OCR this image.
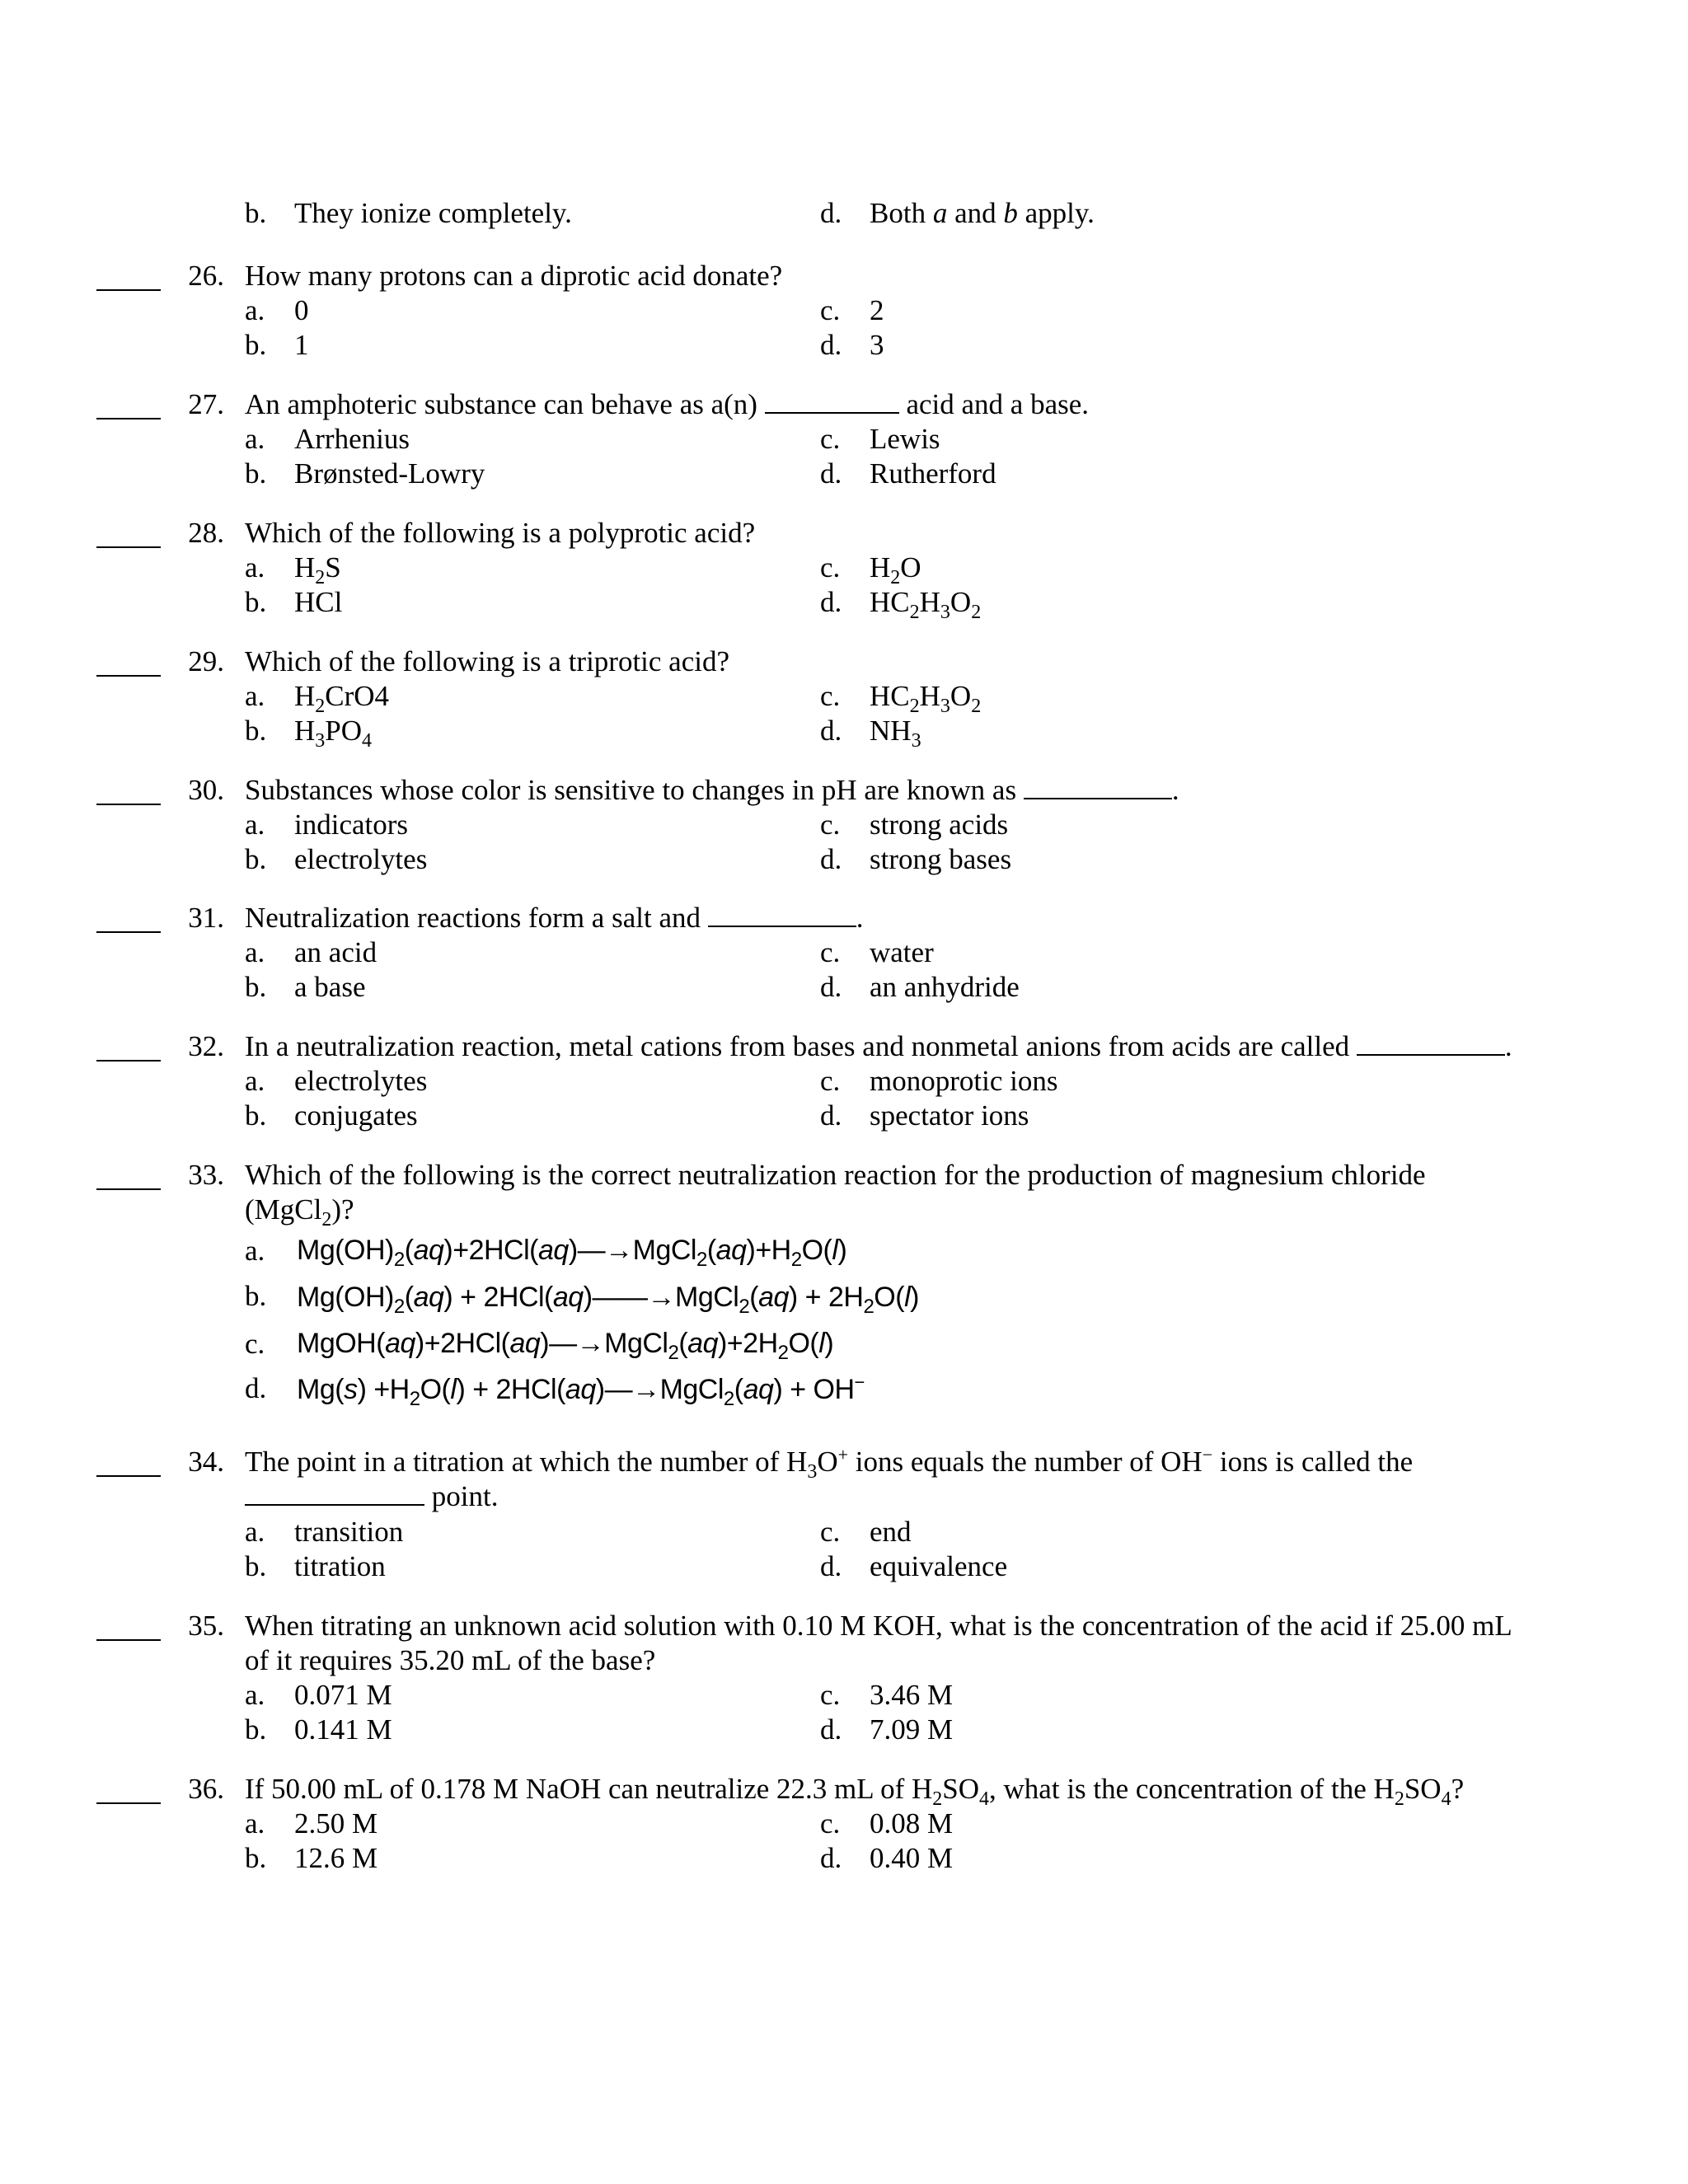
b. They ionize completely.	d. Both a and b apply.
26. How many protons can a diprotic acid donate?
a. 0	c. 2
b. 1	d. 3
27. An amphoteric substance can behave as a(n)	acid and a base.
a. Arrhenius	c. Lewis
b. Brønsted-Lowry	d. Rutherford
28. Which of the following is a polyprotic acid?
a. $H_2S$	c. $H_2O$
b. HCl	d. $HC_2H_3O_2$
29. Which of the following is a triprotic acid?
a. $H_2CrO4$	c. $HC_2H_3O_2$
b. $H_3PO_4$	d. $NH_3$
30. Substances whose color is sensitive to changes in pH are known as	.
a. indicators	c. strong acids
b. electrolytes	d. strong bases
31. Neutralization reactions form a salt and	.
a. an acid	c. water
b. a base	d. an anhydride
32. In a neutralization reaction, metal cations from bases and nonmetal anions from acids are called	.
a. electrolytes	c. monoprotic ions
b. conjugates	d. spectator ions
33. Which of the following is the correct neutralization reaction for the production of magnesium chloride
(MgCl$_2$)?
a. $Mg(OH)_2(aq)+2HCl(aq)—\to MgCl_2(aq)+H_2O(l)$
b. $Mg(OH)_2(aq)$ + 2HCl(aq)——→MgCl$_2$(aq) + $2H_2O(l)$
c. $MgOH(aq)+2HCl(aq)—\to MgCl_2(aq)+2H_2O(l)$
d. $Mg(s) +H_2O(l)$ + 2HCl(aq)—→MgCl$_2$(aq) + OH−
34. The point in a titration at which the number of $H_3O^+$ ions equals the number of OH− ions is called the
point.
a. transition	c. end
b. titration	d. equivalence
35. When titrating an unknown acid solution with 0.10 M KOH, what is the concentration of the acid if 25.00 mL
of it requires 35.20 mL of the base?
a. 0.071 M	c. 3.46 M
b. 0.141 M	d. 7.09 M
36. If 50.00 mL of 0.178 M NaOH can neutralize 22.3 mL of $H_2SO_4$, what is the concentration of the $H_2SO_4$?
a. 2.50 M	c. 0.08 M
b. 12.6 M	d. 0.40 M
